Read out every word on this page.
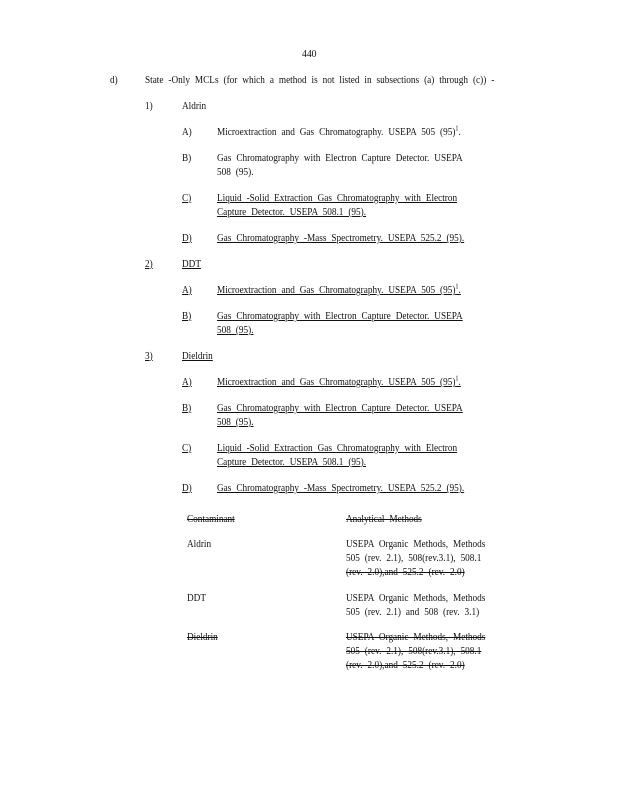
440
d)	State -Only MCLs (for which a method is not listed in subsections (a) through (c)) -
1)	Aldrin
A) Microextraction and Gas Chromatography. USEPA 505 $(95)^1$.
B) Gas Chromatography with Electron Capture Detector. USEPA
508 (95).
C) Liquid -Solid Extraction Gas Chromatography with Electron
Capture Detector. USEPA 508.1 (95).
D) Gas Chromatography -Mass Spectrometry. USEPA 525.2 (95).
2)	DDT
A) Microextraction and Gas Chromatography. USEPA 505 $(95)^1$.
B) Gas Chromatography with Electron Capture Detector. USEPA
508 (95).
3)	Dieldrin
A) Microextraction and Gas Chromatography. USEPA 505 $(95)^1$.
B) Gas Chromatography with Electron Capture Detector. USEPA
508 (95).
C) Liquid -Solid Extraction Gas Chromatography with Electron
Capture Detector. USEPA 508.1 (95).
D) Gas Chromatography -Mass Spectrometry. USEPA 525.2 (95).
Contaminant	Analytical Methods
Aldrin	USEPA Organic Methods, Methods
505 (rev. 2.1), 508(rev.3.1), 508.1
(rev. 2.0),and 525.2 (rev. 2.0)
DDT	USEPA Organic Methods, Methods
505 (rev. 2.1) and 508 (rev. 3.1)
Dieldrin	USEPA Organic Methods, Methods
505 (rev. 2.1), 508(rev.3.1), 508.1
(rev. 2.0),and 525.2 (rev. 2.0)
